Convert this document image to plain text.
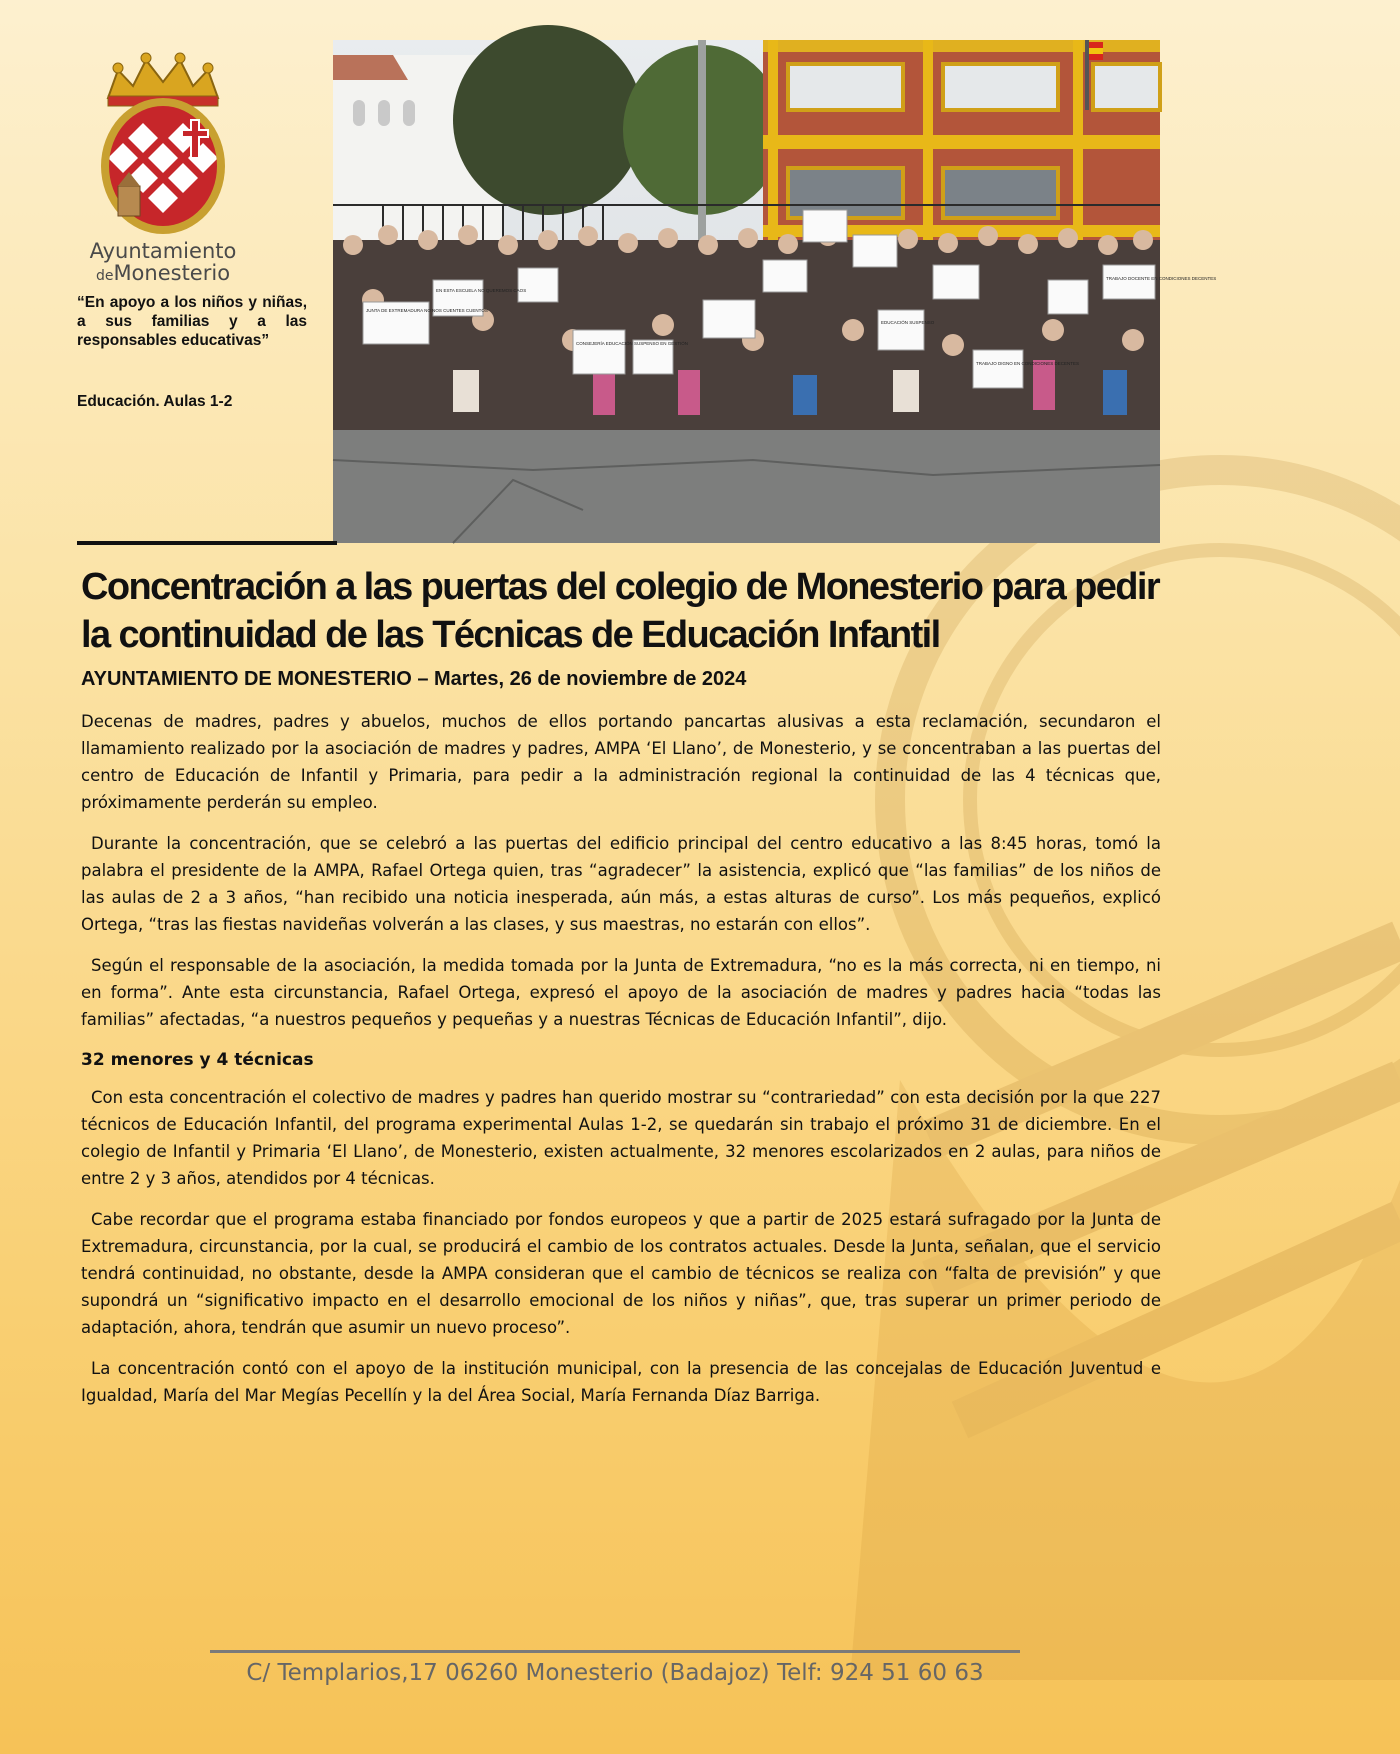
Ayuntamiento
deMonesterio
“En apoyo a los niños y niñas, a sus familias y a las responsables educativas”
Educación. Aulas 1-2
JUNTA DE EXTREMADURA NO NOS CUENTES CUENTOS
EN ESTA ESCUELA NO QUEREMOS CAOS
CONSEJERÍA EDUCACIÓN SUSPENSO EN GESTIÓN
EDUCACIÓN SUSPENSO
TRABAJO DIGNO EN CONDICIONES DECENTES
TRABAJO DOCENTE EN CONDICIONES DECENTES
Concentración a las puertas del colegio de Monesterio para pedir la continuidad de las Técnicas de Educación Infantil
AYUNTAMIENTO DE MONESTERIO – Martes, 26 de noviembre de 2024

Decenas de madres, padres y abuelos, muchos de ellos portando pancartas alusivas a esta reclamación, secundaron el llamamiento realizado por la asociación de madres y padres, AMPA ‘El Llano’, de Monesterio, y se concentraban a las puertas del centro de Educación de Infantil y Primaria, para pedir a la administración regional la continuidad de las 4 técnicas que, próximamente perderán su empleo.

Durante la concentración, que se celebró a las puertas del edificio principal del centro educativo a las 8:45 horas, tomó la palabra el presidente de la AMPA, Rafael Ortega quien, tras “agradecer” la asistencia, explicó que “las familias” de los niños de las aulas de 2 a 3 años, “han recibido una noticia inesperada, aún más, a estas alturas de curso”. Los más pequeños, explicó Ortega, “tras las fiestas navideñas volverán a las clases, y sus maestras, no estarán con ellos”.

Según el responsable de la asociación, la medida tomada por la Junta de Extremadura, “no es la más correcta, ni en tiempo, ni en forma”. Ante esta circunstancia, Rafael Ortega, expresó el apoyo de la asociación de madres y padres hacia “todas las familias” afectadas, “a nuestros pequeños y pequeñas y a nuestras Técnicas de Educación Infantil”, dijo.

32 menores y 4 técnicas

Con esta concentración el colectivo de madres y padres han querido mostrar su “contrariedad” con esta decisión por la que 227 técnicos de Educación Infantil, del programa experimental Aulas 1-2, se quedarán sin trabajo el próximo 31 de diciembre. En el colegio de Infantil y Primaria ‘El Llano’, de Monesterio, existen actualmente, 32 menores escolarizados en 2 aulas, para niños de entre 2 y 3 años, atendidos por 4 técnicas.

Cabe recordar que el programa estaba financiado por fondos europeos y que a partir de 2025 estará sufragado por la Junta de Extremadura, circunstancia, por la cual, se producirá el cambio de los contratos actuales. Desde la Junta, señalan, que el servicio tendrá continuidad, no obstante, desde la AMPA consideran que el cambio de técnicos se realiza con “falta de previsión” y que supondrá un “significativo impacto en el desarrollo emocional de los niños y niñas”, que, tras superar un primer periodo de adaptación, ahora, tendrán que asumir un nuevo proceso”.

La concentración contó con el apoyo de la institución municipal, con la presencia de las concejalas de Educación Juventud e Igualdad, María del Mar Megías Pecellín y la del Área Social, María Fernanda Díaz Barriga.

C/ Templarios,17 06260 Monesterio (Badajoz) Telf: 924 51 60 63
